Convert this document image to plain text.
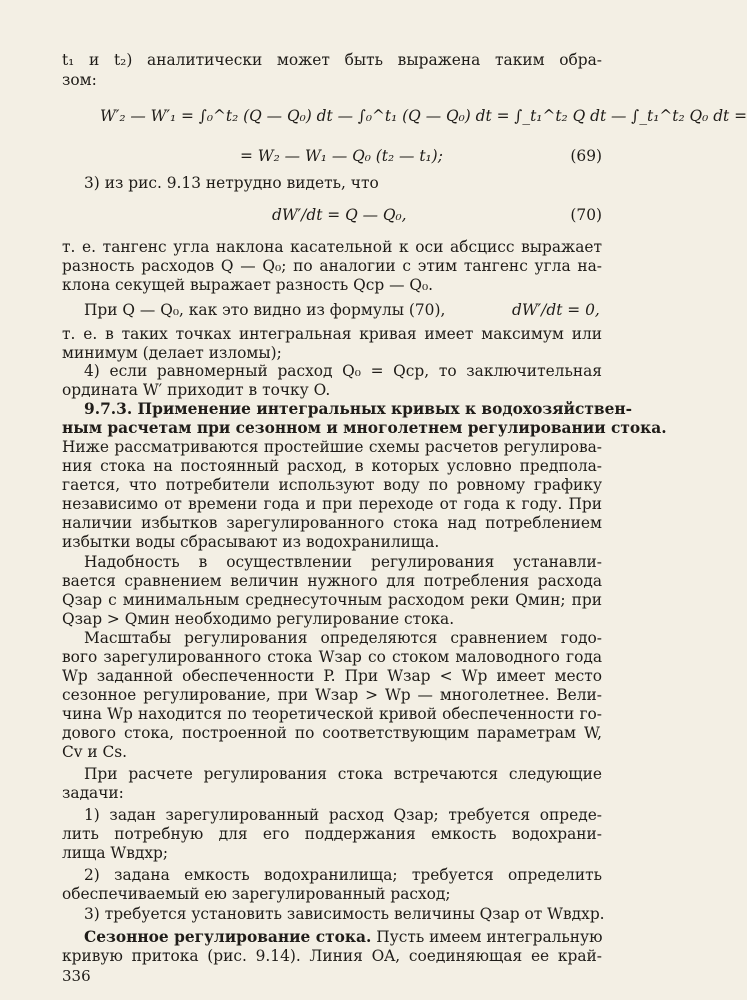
t₁ и t₂) аналитически может быть выражена таким обра-
зом:
W′₂ — W′₁ = ∫₀^t₂ (Q — Q₀) dt — ∫₀^t₁ (Q — Q₀) dt = ∫_t₁^t₂ Q dt — ∫_t₁^t₂ Q₀ dt =
= W₂ — W₁ — Q₀ (t₂ — t₁);	(69)
3) из рис. 9.13 нетрудно видеть, что
dW′/dt = Q — Q₀,	(70)
т. е. тангенс угла наклона касательной к оси абсцисс выражает
разность расходов Q — Q₀; по аналогии с этим тангенс угла на-
клона секущей выражает разность Qср — Q₀.
При Q — Q₀, как это видно из формулы (70),	dW′/dt = 0,
т. е. в таких точках интегральная кривая имеет максимум или
минимум (делает изломы);
4) если равномерный расход Q₀ = Qср, то заключительная
ордината W′ приходит в точку O.
9.7.3. Применение интегральных кривых к водохозяйствен-
ным расчетам при сезонном и многолетнем регулировании стока.
Ниже рассматриваются простейшие схемы расчетов регулирова-
ния стока на постоянный расход, в которых условно предпола-
гается, что потребители используют воду по ровному графику
независимо от времени года и при переходе от года к году. При
наличии избытков зарегулированного стока над потреблением
избытки воды сбрасывают из водохранилища.
Надобность в осуществлении регулирования устанавли-
вается сравнением величин нужного для потребления расхода
Qзар с минимальным среднесуточным расходом реки Qмин; при
Qзар > Qмин необходимо регулирование стока.
Масштабы регулирования определяются сравнением годо-
вого зарегулированного стока Wзар со стоком маловодного года
Wp заданной обеспеченности P. При Wзар < Wp имеет место
сезонное регулирование, при Wзар > Wp — многолетнее. Вели-
чина Wp находится по теоретической кривой обеспеченности го-
дового стока, построенной по соответствующим параметрам W,
Cv и Cs.
При расчете регулирования стока встречаются следующие
задачи:
1) задан зарегулированный расход Qзар; требуется опреде-
лить потребную для его поддержания емкость водохрани-
лища Wвдхр;
2) задана емкость водохранилища; требуется определить
обеспечиваемый ею зарегулированный расход;
3) требуется установить зависимость величины Qзар от Wвдхр.
Сезонное регулирование стока. Пусть имеем интегральную
кривую притока (рис. 9.14). Линия OA, соединяющая ее край-
336
